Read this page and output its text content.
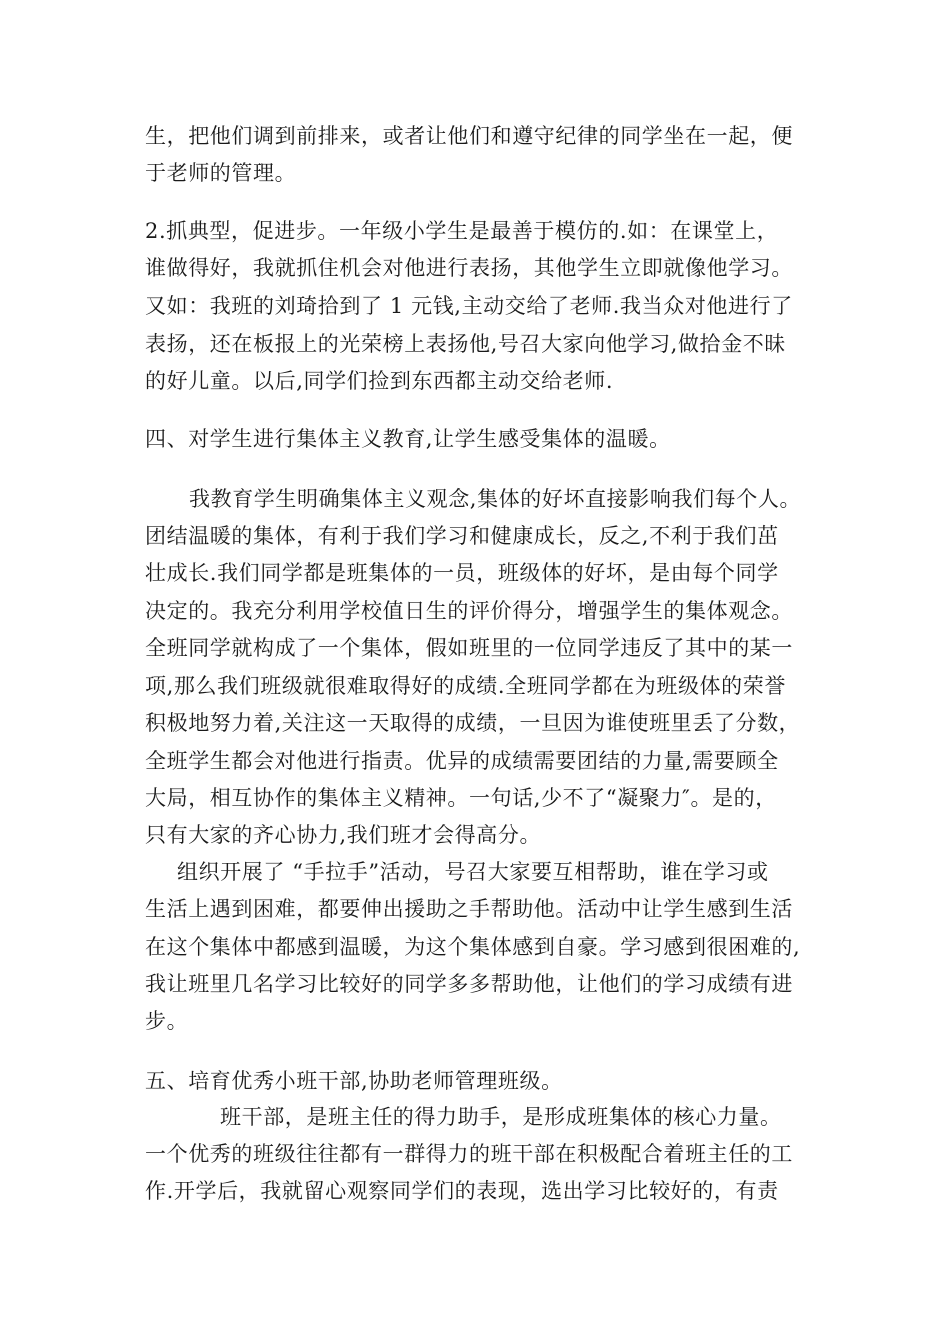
生，把他们调到前排来，或者让他们和遵守纪律的同学坐在一起，便
于老师的管理。
2.抓典型，促进步。一年级小学生是最善于模仿的.如：在课堂上，
谁做得好，我就抓住机会对他进行表扬，其他学生立即就像他学习。
又如：我班的刘琦拾到了 1 元钱,主动交给了老师.我当众对他进行了
表扬，还在板报上的光荣榜上表扬他,号召大家向他学习,做拾金不昧
的好儿童。以后,同学们捡到东西都主动交给老师.
四、对学生进行集体主义教育,让学生感受集体的温暖。
我教育学生明确集体主义观念,集体的好坏直接影响我们每个人。
团结温暖的集体，有利于我们学习和健康成长，反之,不利于我们茁
壮成长.我们同学都是班集体的一员，班级体的好坏，是由每个同学
决定的。我充分利用学校值日生的评价得分，增强学生的集体观念。
全班同学就构成了一个集体，假如班里的一位同学违反了其中的某一
项,那么我们班级就很难取得好的成绩.全班同学都在为班级体的荣誉
积极地努力着,关注这一天取得的成绩，一旦因为谁使班里丢了分数，
全班学生都会对他进行指责。优异的成绩需要团结的力量,需要顾全
大局，相互协作的集体主义精神。一句话,少不了“凝聚力″。是的，
只有大家的齐心协力,我们班才会得高分。
组织开展了 “手拉手”活动，号召大家要互相帮助，谁在学习或
生活上遇到困难，都要伸出援助之手帮助他。活动中让学生感到生活
在这个集体中都感到温暖，为这个集体感到自豪。学习感到很困难的,
我让班里几名学习比较好的同学多多帮助他，让他们的学习成绩有进
步。
五、培育优秀小班干部,协助老师管理班级。
班干部，是班主任的得力助手，是形成班集体的核心力量。
一个优秀的班级往往都有一群得力的班干部在积极配合着班主任的工
作.开学后，我就留心观察同学们的表现，选出学习比较好的，有责
